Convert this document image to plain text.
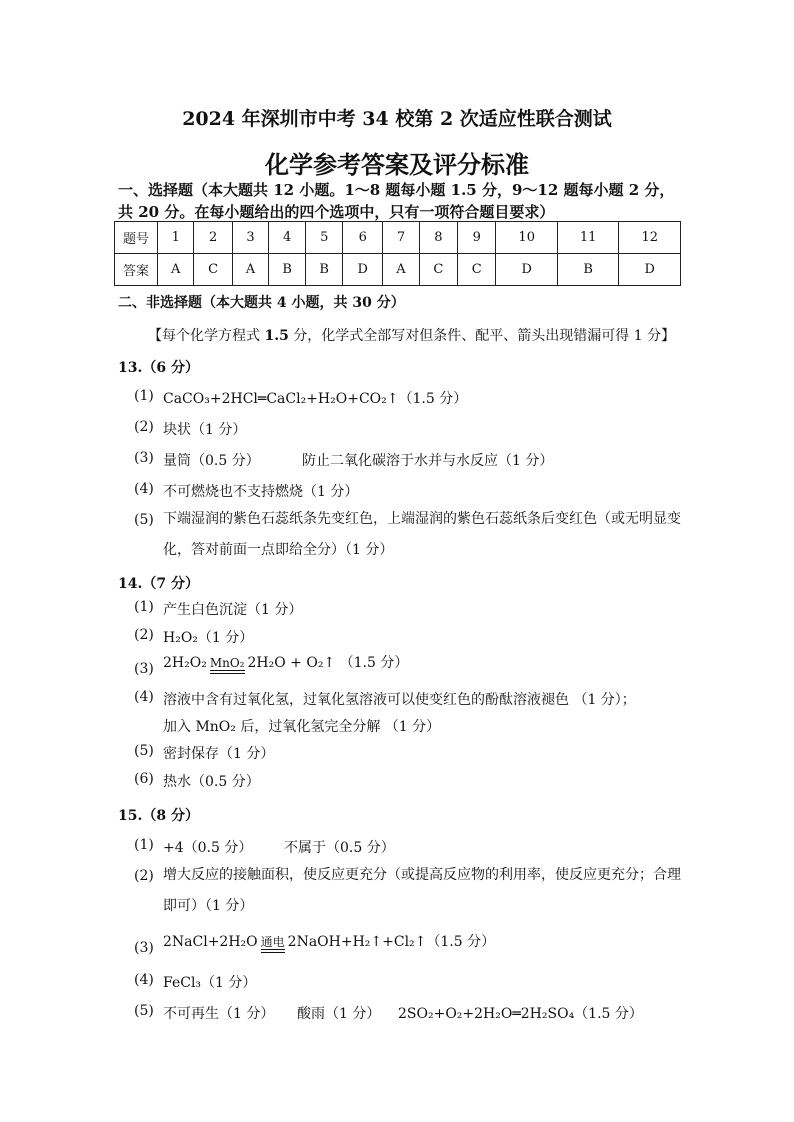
2024 年深圳市中考 34 校第 2 次适应性联合测试
化学参考答案及评分标准
一、选择题（本大题共 12 小题。1～8 题每小题 1.5 分，9～12 题每小题 2 分，共 20 分。在每小题给出的四个选项中，只有一项符合题目要求）
题号	1	2	3	4	5	6	7	8	9	10	11	12
答案	A	C	A	B	B	D	A	C	C	D	B	D
二、非选择题（本大题共 4 小题，共 30 分）
【每个化学方程式 1.5 分，化学式全部写对但条件、配平、箭头出现错漏可得 1 分】
13.（6 分）
(1) CaCO₃+2HCl═CaCl₂+H₂O+CO₂↑（1.5 分）
(2) 块状（1 分）
(3) 量筒（0.5 分）	防止二氧化碳溶于水并与水反应（1 分）
(4) 不可燃烧也不支持燃烧（1 分）
(5) 下端湿润的紫色石蕊纸条先变红色，上端湿润的紫色石蕊纸条后变红色（或无明显变化，答对前面一点即给全分）（1 分）
14.（7 分）
(1) 产生白色沉淀（1 分）
(2) H₂O₂（1 分）
(3) 2H₂O₂ MnO₂ 2H₂O + O₂↑ （1.5 分）
(4) 溶液中含有过氧化氢，过氧化氢溶液可以使变红色的酚酞溶液褪色 （1 分）；
加入 MnO₂ 后，过氧化氢完全分解 （1 分）
(5) 密封保存（1 分）
(6) 热水（0.5 分）
15.（8 分）
(1) +4（0.5 分） 不属于（0.5 分）
(2) 增大反应的接触面积，使反应更充分（或提高反应物的利用率，使反应更充分；合理即可）（1 分）
(3) 2NaCl+2H₂O 通电 2NaOH+H₂↑+Cl₂↑（1.5 分）
(4) FeCl₃（1 分）
(5) 不可再生（1 分） 酸雨（1 分） 2SO₂+O₂+2H₂O═2H₂SO₄（1.5 分）
